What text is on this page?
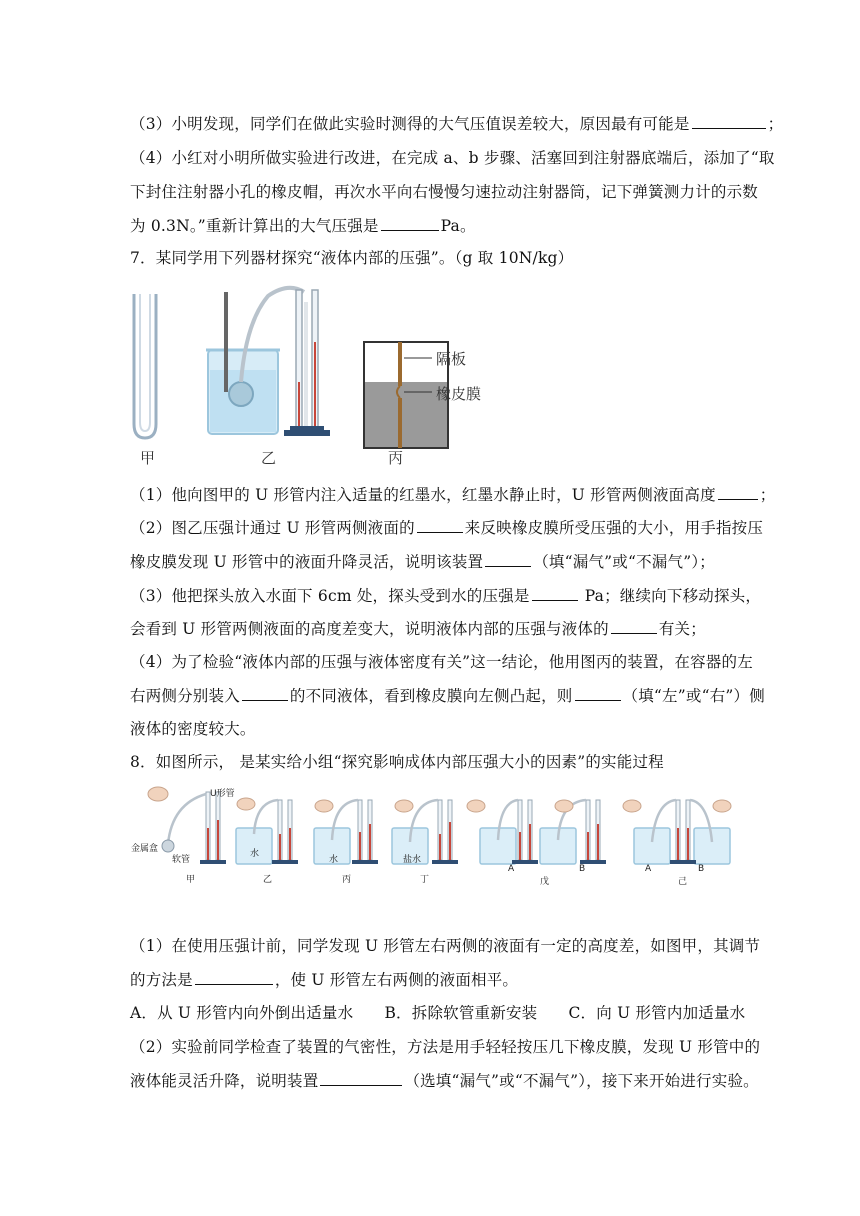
（3）小明发现，同学们在做此实验时测得的大气压值误差较大，原因最有可能是	；
（4）小红对小明所做实验进行改进，在完成 a、b 步骤、活塞回到注射器底端后，添加了“取
下封住注射器小孔的橡皮帽，再次水平向右慢慢匀速拉动注射器筒，记下弹簧测力计的示数
为 0.3N。”重新计算出的大气压强是	Pa。
7．某同学用下列器材探究“液体内部的压强”。（g 取 10N/kg）
隔板
橡皮膜
甲	乙	丙
（1）他向图甲的 U 形管内注入适量的红墨水，红墨水静止时，U 形管两侧液面高度	；
（2）图乙压强计通过 U 形管两侧液面的	来反映橡皮膜所受压强的大小，用手指按压
橡皮膜发现 U 形管中的液面升降灵活，说明该装置	（填“漏气”或“不漏气”）；
（3）他把探头放入水面下 6cm 处，探头受到水的压强是	Pa；继续向下移动探头，
会看到 U 形管两侧液面的高度差变大，说明液体内部的压强与液体的	有关；
（4）为了检验“液体内部的压强与液体密度有关”这一结论，他用图丙的装置，在容器的左
右两侧分别装入	的不同液体，看到橡皮膜向左侧凸起，则	（填“左”或“右”）侧
液体的密度较大。
8．如图所示， 是某实给小组“探究影响成体内部压强大小的因素”的实能过程
U形管
金属盒
软管
水
水	盐水
甲	乙	丙	丁
A
戊
B	A
己
B
（1）在使用压强计前，同学发现 U 形管左右两侧的液面有一定的高度差，如图甲，其调节
的方法是	，使 U 形管左右两侧的液面相平。
A．从 U 形管内向外倒出适量水 B．拆除软管重新安装 C．向 U 形管内加适量水
（2）实验前同学检查了装置的气密性，方法是用手轻轻按压几下橡皮膜，发现 U 形管中的
液体能灵活升降，说明装置	（选填“漏气”或“不漏气”），接下来开始进行实验。
